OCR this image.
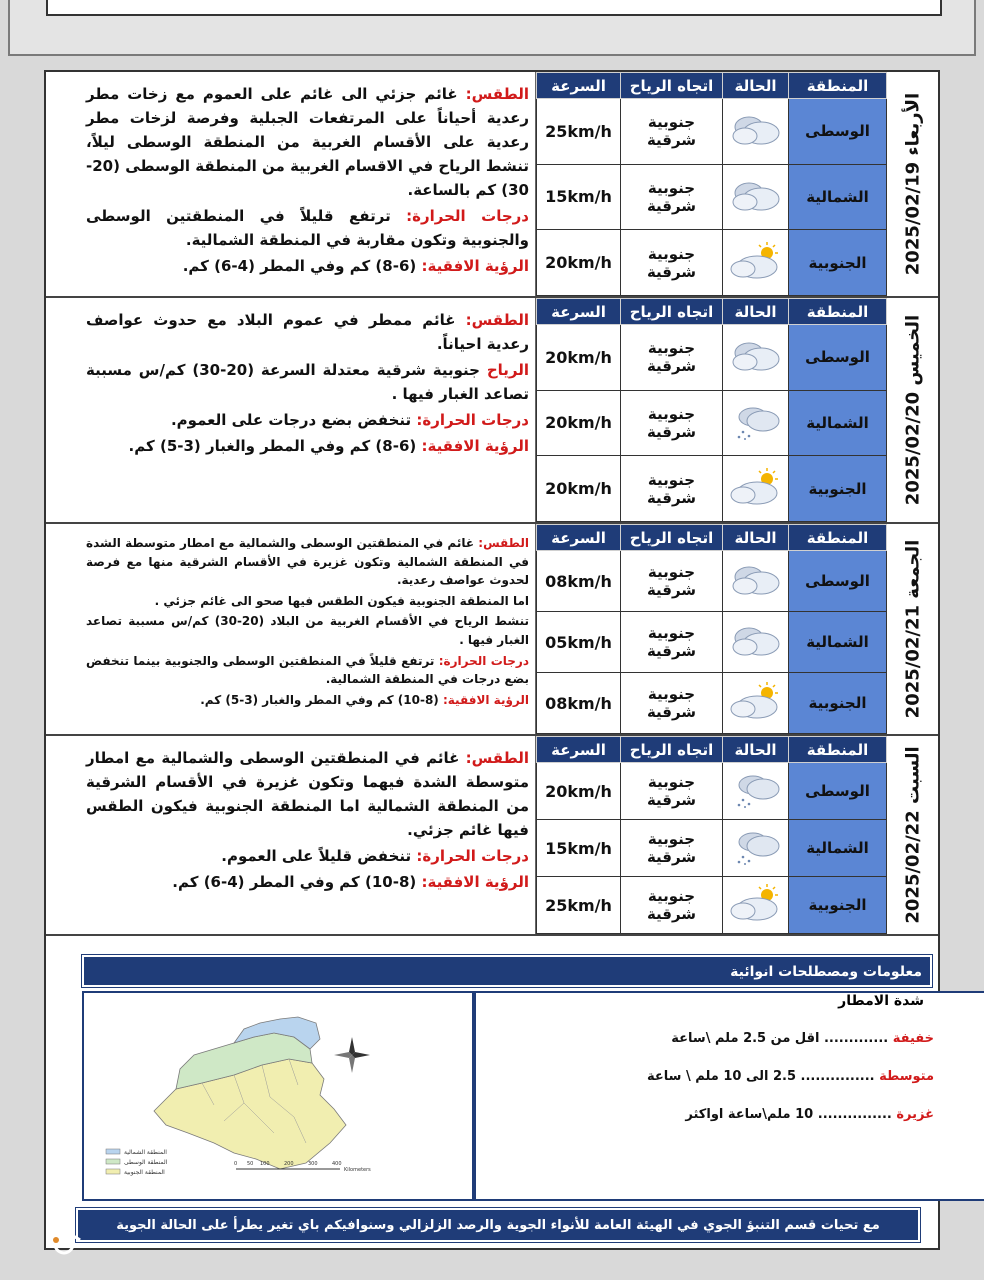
الأربعاء 2025/02/19

الطقس: غائم جزئي الى غائم على العموم مع زخات مطر رعدية أحياناً على المرتفعات الجبلية وفرصة لزخات مطر رعدية على الأقسام الغربية من المنطقة الوسطى ليلاً، تنشط الرياح في الاقسام الغربية من المنطقة الوسطى (20-30) كم بالساعة.

درجات الحرارة: ترتفع قليلاً في المنطقتين الوسطى والجنوبية وتكون مقاربة في المنطقة الشمالية.

الرؤية الافقية: (6-8) كم وفي المطر (4-6) كم.

السرعة	اتجاه الرياح	الحالة	المنطقة
25km/h	جنوبية شرقية		الوسطى
15km/h	جنوبية شرقية		الشمالية
20km/h	جنوبية شرقية		الجنوبية
الخميس 2025/02/20

الطقس: غائم ممطر في عموم البلاد مع حدوث عواصف رعدية احياناً.

الرياح جنوبية شرقية معتدلة السرعة (20-30) كم/س مسببة تصاعد الغبار فيها .

درجات الحرارة: تنخفض بضع درجات على العموم.

الرؤية الافقية: (6-8) كم وفي المطر والغبار (3-5) كم.

السرعة	اتجاه الرياح	الحالة	المنطقة
20km/h	جنوبية شرقية		الوسطى
20km/h	جنوبية شرقية		الشمالية
20km/h	جنوبية شرقية		الجنوبية
الجمعة 2025/02/21

الطقس: غائم في المنطقتين الوسطى والشمالية مع امطار متوسطة الشدة في المنطقة الشمالية وتكون غزيرة في الأقسام الشرقية منها مع فرصة لحدوث عواصف رعدية.

اما المنطقة الجنوبية فيكون الطقس فيها صحو الى غائم جزئي .

تنشط الرياح في الأقسام الغربية من البلاد (20-30) كم/س مسببة تصاعد الغبار فيها .

درجات الحرارة: ترتفع قليلاً في المنطقتين الوسطى والجنوبية بينما تنخفض بضع درجات في المنطقة الشمالية.

الرؤية الافقية: (8-10) كم وفي المطر والغبار (3-5) كم.

السرعة	اتجاه الرياح	الحالة	المنطقة
08km/h	جنوبية شرقية		الوسطى
05km/h	جنوبية شرقية		الشمالية
08km/h	جنوبية شرقية		الجنوبية
السبت 2025/02/22

الطقس: غائم في المنطقتين الوسطى والشمالية مع امطار متوسطة الشدة فيهما وتكون غزيرة في الأقسام الشرقية من المنطقة الشمالية اما المنطقة الجنوبية فيكون الطقس فيها غائم جزئي.

درجات الحرارة: تنخفض قليلاً على العموم.

الرؤية الافقية: (8-10) كم وفي المطر (4-6) كم.

السرعة	اتجاه الرياح	الحالة	المنطقة
20km/h	جنوبية شرقية		الوسطى
15km/h	جنوبية شرقية		الشمالية
25km/h	جنوبية شرقية		الجنوبية
معلومات ومصطلحات انوائية
المنطقة الشمالية
المنطقة الوسطى
المنطقة الجنوبية
0 50 100	200	300	400
Kilometers
شدة الامطار
خفيفة ............. اقل من 2.5 ملم \ساعة
متوسطة ............... 2.5 الى 10 ملم \ ساعة
غزيرة ............... 10 ملم\ساعة اواكثر
مع تحيات قسم التنبؤ الجوي في الهيئة العامة للأنواء الجوية والرصد الزلزالي وسنوافيكم باي تغير يطرأ على الحالة الجوية
